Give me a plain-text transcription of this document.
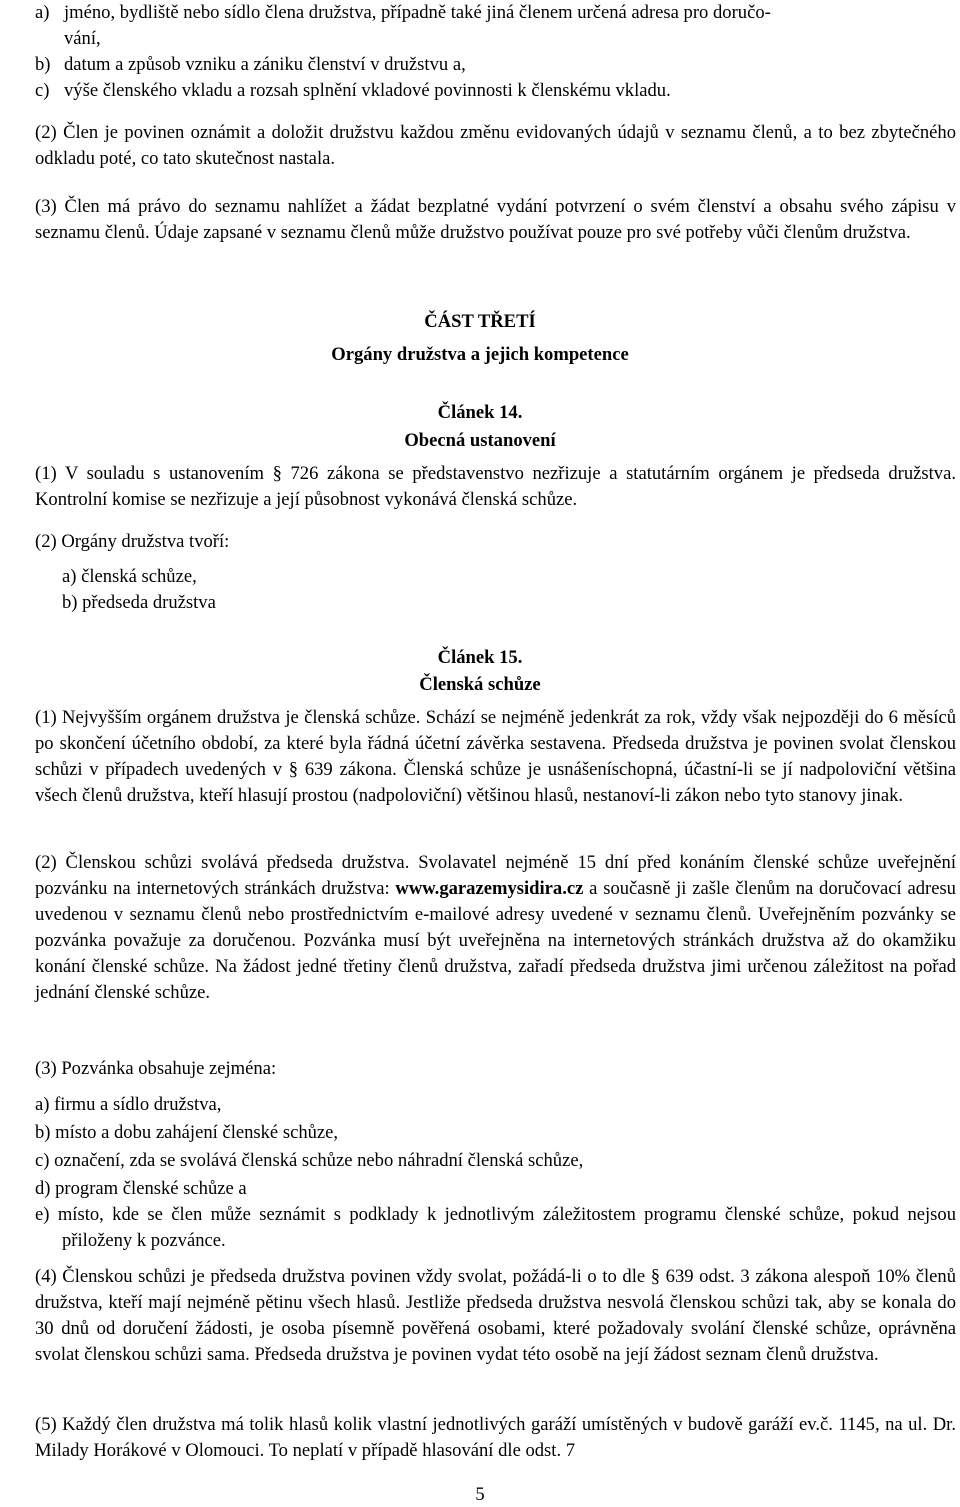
a) jméno, bydliště nebo sídlo člena družstva, případně také jiná členem určená adresa pro doručo-

vání,

b) datum a způsob vzniku a zániku členství v družstvu a,

c) výše členského vkladu a rozsah splnění vkladové povinnosti k členskému vkladu.

(2) Člen je povinen oznámit a doložit družstvu každou změnu evidovaných údajů v seznamu členů, a to bez zbytečného odkladu poté, co tato skutečnost nastala.

(3) Člen má právo do seznamu nahlížet a žádat bezplatné vydání potvrzení o svém členství a obsahu svého zápisu v seznamu členů. Údaje zapsané v seznamu členů může družstvo používat pouze pro své potřeby vůči členům družstva.

ČÁST TŘETÍ

Orgány družstva a jejich kompetence

Článek 14.

Obecná ustanovení

(1) V souladu s ustanovením § 726 zákona se představenstvo nezřizuje a statutárním orgánem je předseda družstva. Kontrolní komise se nezřizuje a její působnost vykonává členská schůze.

(2) Orgány družstva tvoří:

a) členská schůze,

b) předseda družstva

Článek 15.

Členská schůze

(1) Nejvyšším orgánem družstva je členská schůze. Schází se nejméně jedenkrát za rok, vždy však nejpozději do 6 měsíců po skončení účetního období, za které byla řádná účetní závěrka sestavena. Předseda družstva je povinen svolat členskou schůzi v případech uvedených v § 639 zákona. Členská schůze je usnášeníschopná, účastní-li se jí nadpoloviční většina všech členů družstva, kteří hlasují prostou (nadpoloviční) většinou hlasů, nestanoví-li zákon nebo tyto stanovy jinak.

(2) Členskou schůzi svolává předseda družstva. Svolavatel nejméně 15 dní před konáním členské schůze uveřejnění pozvánku na internetových stránkách družstva: www.garazemysidira.cz a současně ji zašle členům na doručovací adresu uvedenou v seznamu členů nebo prostřednictvím e-mailové adresy uvedené v seznamu členů. Uveřejněním pozvánky se pozvánka považuje za doručenou. Pozvánka musí být uveřejněna na internetových stránkách družstva až do okamžiku konání členské schůze. Na žádost jedné třetiny členů družstva, zařadí předseda družstva jimi určenou záležitost na pořad jednání členské schůze.

(3) Pozvánka obsahuje zejména:

a) firmu a sídlo družstva,

b) místo a dobu zahájení členské schůze,

c) označení, zda se svolává členská schůze nebo náhradní členská schůze,

d) program členské schůze a

e) místo, kde se člen může seznámit s podklady k jednotlivým záležitostem programu členské schůze, pokud nejsou přiloženy k pozvánce.

(4) Členskou schůzi je předseda družstva povinen vždy svolat, požádá-li o to dle § 639 odst. 3 zákona alespoň 10% členů družstva, kteří mají nejméně pětinu všech hlasů. Jestliže předseda družstva nesvolá členskou schůzi tak, aby se konala do 30 dnů od doručení žádosti, je osoba písemně pověřená osobami, které požadovaly svolání členské schůze, oprávněna svolat členskou schůzi sama. Předseda družstva je povinen vydat této osobě na její žádost seznam členů družstva.

(5) Každý člen družstva má tolik hlasů kolik vlastní jednotlivých garáží umístěných v budově garáží ev.č. 1145, na ul. Dr. Milady Horákové v Olomouci. To neplatí v případě hlasování dle odst. 7

5
